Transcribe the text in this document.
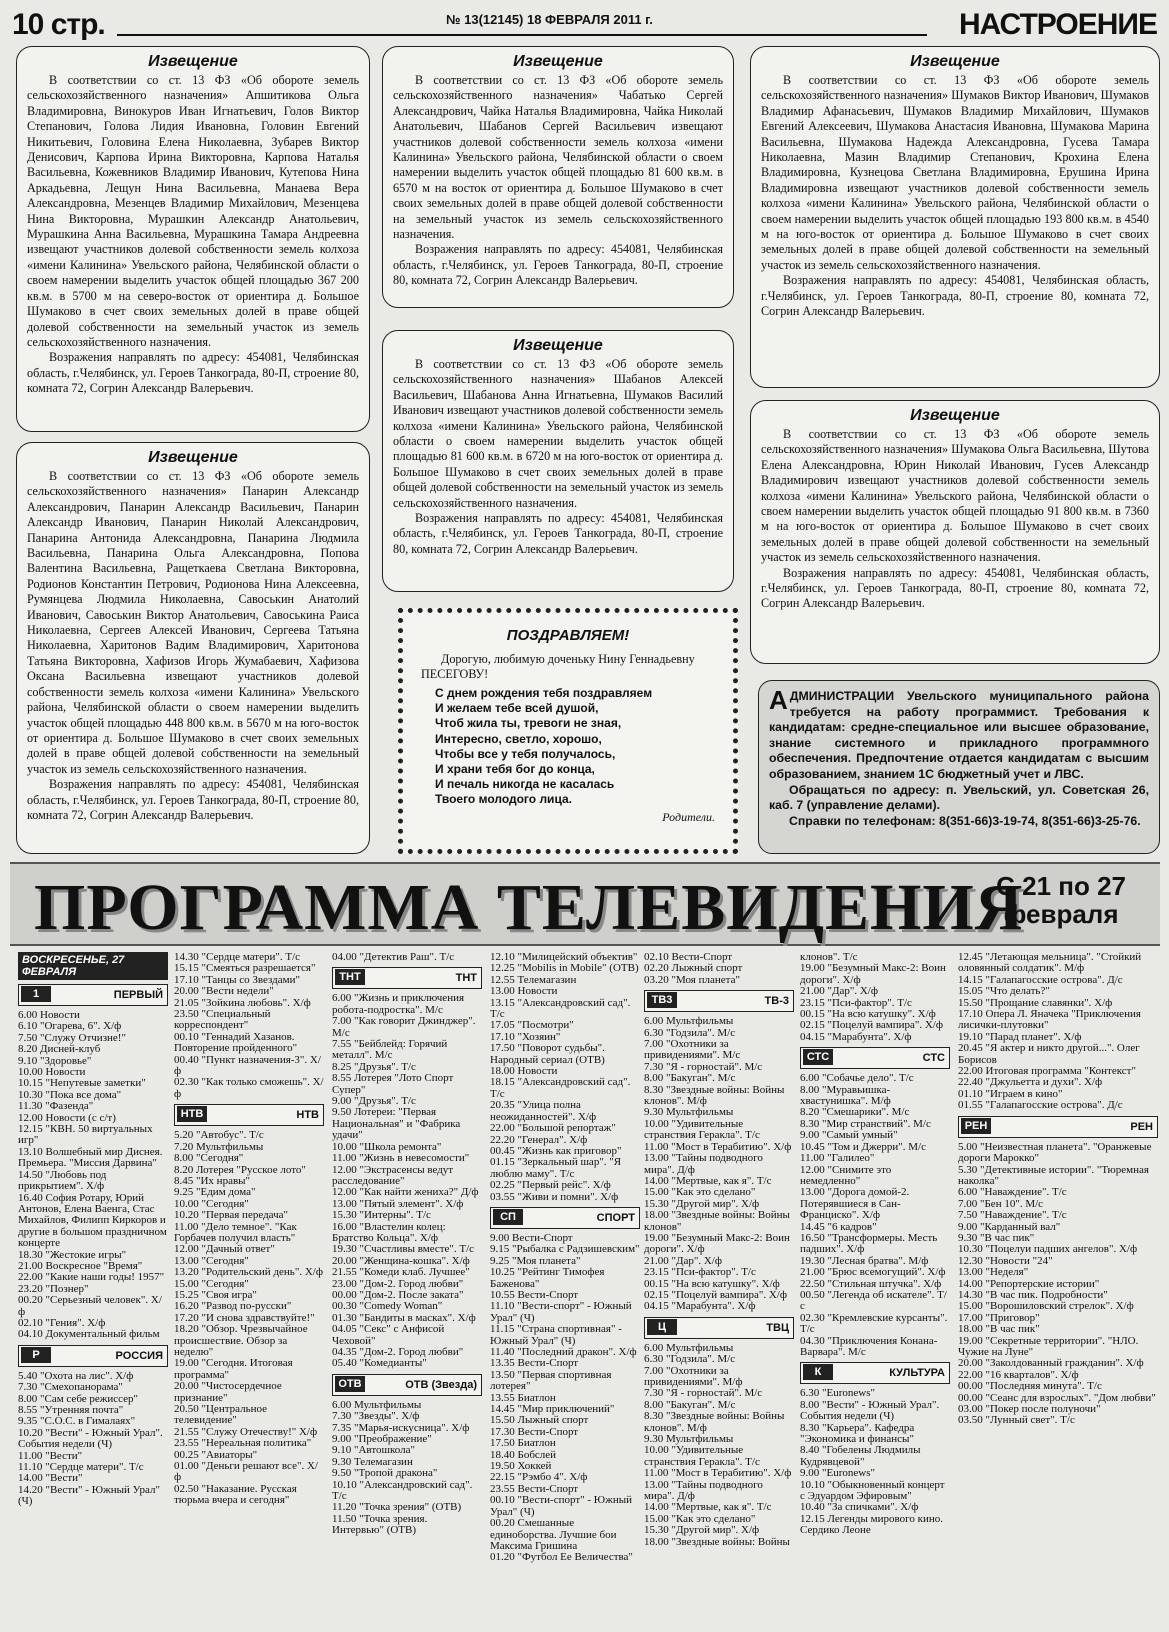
10 стр.	№ 13(12145) 18 ФЕВРАЛЯ 2011 г.	НАСТРОЕНИЕ
Извещение

В соответствии со ст. 13 ФЗ «Об обороте земель сельскохозяйственного назначения» Апшитикова Ольга Владимировна, Винокуров Иван Игнатьевич, Голов Виктор Степанович, Голова Лидия Ивановна, Головин Евгений Никитьевич, Головина Елена Николаевна, Зубарев Виктор Денисович, Карпова Ирина Викторовна, Карпова Наталья Васильевна, Кожевников Владимир Иванович, Кутепова Нина Аркадьевна, Лещун Нина Васильевна, Манаева Вера Александровна, Мезенцев Владимир Михайлович, Мезенцева Нина Викторовна, Мурашкин Александр Анатольевич, Мурашкина Анна Васильевна, Мурашкина Тамара Андреевна извещают участников долевой собственности земель колхоза «имени Калинина» Увельского района, Челябинской области о своем намерении выделить участок общей площадью 367 200 кв.м. в 5700 м на северо-восток от ориентира д. Большое Шумаково в счет своих земельных долей в праве общей долевой собственности на земельный участок из земель сельскохозяйственного назначения.

Возражения направлять по адресу: 454081, Челябинская область, г.Челябинск, ул. Героев Танкограда, 80-П, строение 80, комната 72, Согрин Александр Валерьевич.

Извещение

В соответствии со ст. 13 ФЗ «Об обороте земель сельскохозяйственного назначения» Панарин Александр Александрович, Панарин Александр Васильевич, Панарин Александр Иванович, Панарин Николай Александрович, Панарина Антонида Александровна, Панарина Людмила Васильевна, Панарина Ольга Александровна, Попова Валентина Васильевна, Ращеткаева Светлана Викторовна, Родионов Константин Петрович, Родионова Нина Алексеевна, Румянцева Людмила Николаевна, Савоськин Анатолий Иванович, Савоськин Виктор Анатольевич, Савоськина Раиса Николаевна, Сергеев Алексей Иванович, Сергеева Татьяна Николаевна, Харитонов Вадим Владимирович, Харитонова Татьяна Викторовна, Хафизов Игорь Жумабаевич, Хафизова Оксана Васильевна извещают участников долевой собственности земель колхоза «имени Калинина» Увельского района, Челябинской области о своем намерении выделить участок общей площадью 448 800 кв.м. в 5670 м на юго-восток от ориентира д. Большое Шумаково в счет своих земельных долей в праве общей долевой собственности на земельный участок из земель сельскохозяйственного назначения.

Возражения направлять по адресу: 454081, Челябинская область, г.Челябинск, ул. Героев Танкограда, 80-П, строение 80, комната 72, Согрин Александр Валерьевич.

Извещение

В соответствии со ст. 13 ФЗ «Об обороте земель сельскохозяйственного назначения» Чабатько Сергей Александрович, Чайка Наталья Владимировна, Чайка Николай Анатольевич, Шабанов Сергей Васильевич извещают участников долевой собственности земель колхоза «имени Калинина» Увельского района, Челябинской области о своем намерении выделить участок общей площадью 81 600 кв.м. в 6570 м на восток от ориентира д. Большое Шумаково в счет своих земельных долей в праве общей долевой собственности на земельный участок из земель сельскохозяйственного назначения.

Возражения направлять по адресу: 454081, Челябинская область, г.Челябинск, ул. Героев Танкограда, 80-П, строение 80, комната 72, Согрин Александр Валерьевич.

Извещение

В соответствии со ст. 13 ФЗ «Об обороте земель сельскохозяйственного назначения» Шабанов Алексей Васильевич, Шабанова Анна Игнатьевна, Шумаков Василий Иванович извещают участников долевой собственности земель колхоза «имени Калинина» Увельского района, Челябинской области о своем намерении выделить участок общей площадью 81 600 кв.м. в 6720 м на юго-восток от ориентира д. Большое Шумаково в счет своих земельных долей в праве общей долевой собственности на земельный участок из земель сельскохозяйственного назначения.

Возражения направлять по адресу: 454081, Челябинская область, г.Челябинск, ул. Героев Танкограда, 80-П, строение 80, комната 72, Согрин Александр Валерьевич.

Извещение

В соответствии со ст. 13 ФЗ «Об обороте земель сельскохозяйственного назначения» Шумаков Виктор Иванович, Шумаков Владимир Афанасьевич, Шумаков Владимир Михайлович, Шумаков Евгений Алексеевич, Шумакова Анастасия Ивановна, Шумакова Марина Васильевна, Шумакова Надежда Александровна, Гусева Тамара Николаевна, Мазин Владимир Степанович, Крохина Елена Владимировна, Кузнецова Светлана Владимировна, Ерушина Ирина Владимировна извещают участников долевой собственности земель колхоза «имени Калинина» Увельского района, Челябинской области о своем намерении выделить участок общей площадью 193 800 кв.м. в 4540 м на юго-восток от ориентира д. Большое Шумаково в счет своих земельных долей в праве общей долевой собственности на земельный участок из земель сельскохозяйственного назначения.

Возражения направлять по адресу: 454081, Челябинская область, г.Челябинск, ул. Героев Танкограда, 80-П, строение 80, комната 72, Согрин Александр Валерьевич.

Извещение

В соответствии со ст. 13 ФЗ «Об обороте земель сельскохозяйственного назначения» Шумакова Ольга Васильевна, Шутова Елена Александровна, Юрин Николай Иванович, Гусев Александр Владимирович извещают участников долевой собственности земель колхоза «имени Калинина» Увельского района, Челябинской области о своем намерении выделить участок общей площадью 91 800 кв.м. в 7360 м на юго-восток от ориентира д. Большое Шумаково в счет своих земельных долей в праве общей долевой собственности на земельный участок из земель сельскохозяйственного назначения.

Возражения направлять по адресу: 454081, Челябинская область, г.Челябинск, ул. Героев Танкограда, 80-П, строение 80, комната 72, Согрин Александр Валерьевич.

ПОЗДРАВЛЯЕМ!

Дорогую, любимую доченьку Нину Геннадьевну ПЕСЕГОВУ!

С днем рождения тебя поздравляем
И желаем тебе всей душой,
Чтоб жила ты, тревоги не зная,
Интересно, светло, хорошо,
Чтобы все у тебя получалось,
И храни тебя бог до конца,
И печаль никогда не касалась
Твоего молодого лица.
Родители.
А ДМИНИСТРАЦИИ Увельского муниципального района требуется на работу программист. Требования к кандидатам: средне-специальное или высшее образование, знание системного и прикладного программного обеспечения. Предпочтение отдается кандидатам с высшим образованием, знанием 1С бюджетный учет и ЛВС.
Обращаться по адресу: п. Увельский, ул. Советская 26, каб. 7 (управление делами).
Справки по телефонам: 8(351-66)3-19-74, 8(351-66)3-25-76.
ПРОГРАММА ТЕЛЕВИДЕНИЯ
С 21 по 27
февраля
ВОСКРЕСЕНЬЕ, 27 ФЕВРАЛЯ
1	ПЕРВЫЙ

6.00 Новости

6.10 "Огарева, 6". Х/ф

7.50 "Служу Отчизне!"

8.20 Дисней-клуб

9.10 "Здоровье"

10.00 Новости

10.15 "Непутевые заметки"

10.30 "Пока все дома"

11.30 "Фазенда"

12.00 Новости (с с/т)

12.15 "КВН. 50 виртуальных игр"

13.10 Волшебный мир Диснея. Премьера. "Миссия Дарвина"

14.50 "Любовь под прикрытием". Х/ф

16.40 София Ротару, Юрий Антонов, Елена Ваенга, Стас Михайлов, Филипп Киркоров и другие в большом праздничном концерте

18.30 "Жестокие игры"

21.00 Воскресное "Время"

22.00 "Какие наши годы! 1957"

23.20 "Познер"

00.20 "Серьезный человек". Х/ф

02.10 "Гения". Х/ф

04.10 Документальный фильм

Р	РОССИЯ

5.40 "Охота на лис". Х/ф

7.30 "Смехопанорама"

8.00 "Сам себе режиссер"

8.55 "Утренняя почта"

9.35 "С.О.С. в Гималаях"

10.20 "Вести" - Южный Урал". События недели (Ч)

11.00 "Вести"

11.10 "Сердце матери". Т/с

14.00 "Вести"

14.20 "Вести" - Южный Урал" (Ч)

14.30 "Сердце матери". Т/с

15.15 "Смеяться разрешается"

17.10 "Танцы со Звездами"

20.00 "Вести недели"

21.05 "Зойкина любовь". Х/ф

23.50 "Специальный корреспондент"

00.10 "Геннадий Хазанов. Повторение пройденного"

00.40 "Пункт назначения-3". Х/ф

02.30 "Как только сможешь". Х/ф

НТВ	НТВ

5.20 "Автобус". Т/с

7.20 Мультфильмы

8.00 "Сегодня"

8.20 Лотерея "Русское лото"

8.45 "Их нравы"

9.25 "Едим дома"

10.00 "Сегодня"

10.20 "Первая передача"

11.00 "Дело темное". "Как Горбачев получил власть"

12.00 "Дачный ответ"

13.00 "Сегодня"

13.20 "Родительский день". Х/ф

15.00 "Сегодня"

15.25 "Своя игра"

16.20 "Развод по-русски"

17.20 "И снова здравствуйте!"

18.20 "Обзор. Чрезвычайное происшествие. Обзор за неделю"

19.00 "Сегодня. Итоговая программа"

20.00 "Чистосердечное признание"

20.50 "Центральное телевидение"

21.55 "Служу Отечеству!" Х/ф

23.55 "Нереальная политика"

00.25 "Авиаторы"

01.00 "Деньги решают все". Х/ф

02.50 "Наказание. Русская тюрьма вчера и сегодня"

04.00 "Детектив Раш". Т/с

ТНТ	ТНТ

6.00 "Жизнь и приключения робота-подростка". М/с

7.00 "Как говорит Джинджер". М/с

7.55 "Бейблейд: Горячий металл". М/с

8.25 "Друзья". Т/с

8.55 Лотерея "Лото Спорт Супер"

9.00 "Друзья". Т/с

9.50 Лотереи: "Первая Национальная" и "Фабрика удачи"

10.00 "Школа ремонта"

11.00 "Жизнь в невесомости"

12.00 "Экстрасенсы ведут расследование"

12.00 "Как найти женихa?" Д/ф

13.00 "Пятый элемент". Х/ф

15.30 "Интерны". Т/с

16.00 "Властелин колец: Братство Кольца". Х/ф

19.30 "Счастливы вместе". Т/с

20.00 "Женщина-кошка". Х/ф

21.55 "Комеди клаб. Лучшее"

23.00 "Дом-2. Город любви"

00.00 "Дом-2. После заката"

00.30 "Comedy Woman"

01.30 "Бандиты в масках". Х/ф

04.05 "Секс" с Анфисой Чеховой"

04.35 "Дом-2. Город любви"

05.40 "Комедианты"

ОТВ	ОТВ (Звезда)

6.00 Мультфильмы

7.30 "Звезды". Х/ф

7.35 "Марья-искусница". Х/ф

9.00 "Преображение"

9.10 "Автошкола"

9.30 Телемагазин

9.50 "Тропой дракона"

10.10 "Александровский сад". Т/с

11.20 "Точка зрения" (ОТВ)

11.50 "Точка зрения. Интервью" (ОТВ)

12.10 "Милицейский объектив"

12.25 "Mobilis in Mobile" (ОТВ)

12.55 Телемагазин

13.00 Новости

13.15 "Александровский сад". Т/с

17.05 "Посмотри"

17.10 "Хозяин"

17.50 "Поворот судьбы". Народный сериал (ОТВ)

18.00 Новости

18.15 "Александровский сад". Т/с

20.35 "Улица полна неожиданностей". Х/ф

22.00 "Большой репортаж"

22.20 "Генерал". Х/ф

00.45 "Жизнь как приговор"

01.15 "Зеркальный шар". "Я люблю маму". Т/с

02.25 "Первый рейс". Х/ф

03.55 "Живи и помни". Х/ф

СП	СПОРТ

9.00 Вести-Спорт

9.15 "Рыбалка с Радзишевским"

9.25 "Моя планета"

10.25 "Рейтинг Тимофея Баженова"

10.55 Вести-Спорт

11.10 "Вести-спорт" - Южный Урал" (Ч)

11.15 "Страна спортивная" - Южный Урал" (Ч)

11.40 "Последний дракон". Х/ф

13.35 Вести-Спорт

13.50 "Первая спортивная лотерея"

13.55 Биатлон

14.45 "Мир приключений"

15.50 Лыжный спорт

17.30 Вести-Спорт

17.50 Биатлон

18.40 Бобслей

19.50 Хоккей

22.15 "Рэмбо 4". Х/ф

23.55 Вести-Спорт

00.10 "Вести-спорт" - Южный Урал" (Ч)

00.20 Смешанные единоборства. Лучшие бои Максима Гришина

01.20 "Футбол Ее Величества"

02.10 Вести-Спорт

02.20 Лыжный спорт

03.20 "Моя планета"

ТВ3	ТВ-3

6.00 Мультфильмы

6.30 "Годзила". М/с

7.00 "Охотники за привидениями". М/с

7.30 "Я - горностай". М/с

8.00 "Бакуган". М/с

8.30 "Звездные войны: Войны клонов". М/ф

9.30 Мультфильмы

10.00 "Удивительные странствия Геракла". Т/с

11.00 "Мост в Терабитию". Х/ф

13.00 "Тайны подводного мира". Д/ф

14.00 "Мертвые, как я". Т/с

15.00 "Как это сделано"

15.30 "Другой мир". Х/ф

18.00 "Звездные войны: Войны клонов"

19.00 "Безумный Макс-2: Воин дороги". Х/ф

21.00 "Дар". Х/ф

23.15 "Пси-фактор". Т/с

00.15 "На всю катушку". Х/ф

02.15 "Поцелуй вампира". Х/ф

04.15 "Марабунта". Х/ф

Ц	ТВЦ

6.00 Мультфильмы

6.30 "Годзила". М/с

7.00 "Охотники за привидениями". М/ф

7.30 "Я - горностай". М/с

8.00 "Бакуган". М/с

8.30 "Звездные войны: Войны клонов". М/ф

9.30 Мультфильмы

10.00 "Удивительные странствия Геракла". Т/с

11.00 "Мост в Терабитию". Х/ф

13.00 "Тайны подводного мира". Д/ф

14.00 "Мертвые, как я". Т/с

15.00 "Как это сделано"

15.30 "Другой мир". Х/ф

18.00 "Звездные войны: Войны

клонов". Т/с

19.00 "Безумный Макс-2: Воин дороги". Х/ф

21.00 "Дар". Х/ф

23.15 "Пси-фактор". Т/с

00.15 "На всю катушку". Х/ф

02.15 "Поцелуй вампира". Х/ф

04.15 "Марабунта". Х/ф

СТС	СТС

6.00 "Собачье дело". Т/с

8.00 "Муравьишка-хвастунишка". М/ф

8.20 "Смешарики". М/с

8.30 "Мир странствий". М/с

9.00 "Самый умный"

10.45 "Том и Джерри". М/с

11.00 "Галилео"

12.00 "Снимите это немедленно"

13.00 "Дорога домой-2. Потерявшиеся в Сан-Франциско". Х/ф

14.45 "6 кадров"

16.50 "Трансформеры. Месть падших". Х/ф

19.30 "Лесная братва". М/ф

21.00 "Брюс всемогущий". Х/ф

22.50 "Стильная штучка". Х/ф

00.50 "Легенда об искателе". Т/с

02.30 "Кремлевские курсанты". Т/с

04.30 "Приключения Конана-Варвара". М/с

К	КУЛЬТУРА

6.30 "Euronews"

8.00 "Вести" - Южный Урал". События недели (Ч)

8.30 "Карьера". Кафедра "Экономика и финансы"

8.40 "Гобелены Людмилы Кудрявцевой"

9.00 "Euronews"

10.10 "Обыкновенный концерт с Эдуардом Эфировым"

10.40 "За спичками". Х/ф

12.15 Легенды мирового кино. Сердико Леоне

12.45 "Летающая мельница". "Стойкий оловянный солдатик". М/ф

14.15 "Галапагосские острова". Д/с

15.05 "Что делать?"

15.50 "Прощание славянки". Х/ф

17.10 Опера Л. Яначека "Приключения лисички-плутовки"

19.10 "Парад планет". Х/ф

20.45 "Я актер и никто другой...". Олег Борисов

22.00 Итоговая программа "Контекст"

22.40 "Джульетта и духи". Х/ф

01.10 "Играем в кино"

01.55 "Галапагосские острова". Д/с

РЕН	РЕН

5.00 "Неизвестная планета". "Оранжевые дороги Марокко"

5.30 "Детективные истории". "Тюремная наколка"

6.00 "Наваждение". Т/с

7.00 "Бен 10". М/с

7.50 "Наваждение". Т/с

9.00 "Карданный вал"

9.30 "В час пик"

10.30 "Поцелуи падших ангелов". Х/ф

12.30 "Новости "24"

13.00 "Неделя"

14.00 "Репортерские истории"

14.30 "В час пик. Подробности"

15.00 "Ворошиловский стрелок". Х/ф

17.00 "Приговор"

18.00 "В час пик"

19.00 "Секретные территории". "НЛО. Чужие на Луне"

20.00 "Заколдованный гражданин". Х/ф

22.00 "16 кварталов". Х/ф

00.00 "Последняя минута". Т/с

00.00 "Сеанс для взрослых". "Дом любви"

03.00 "Покер после полуночи"

03.50 "Лунный свет". Т/с
